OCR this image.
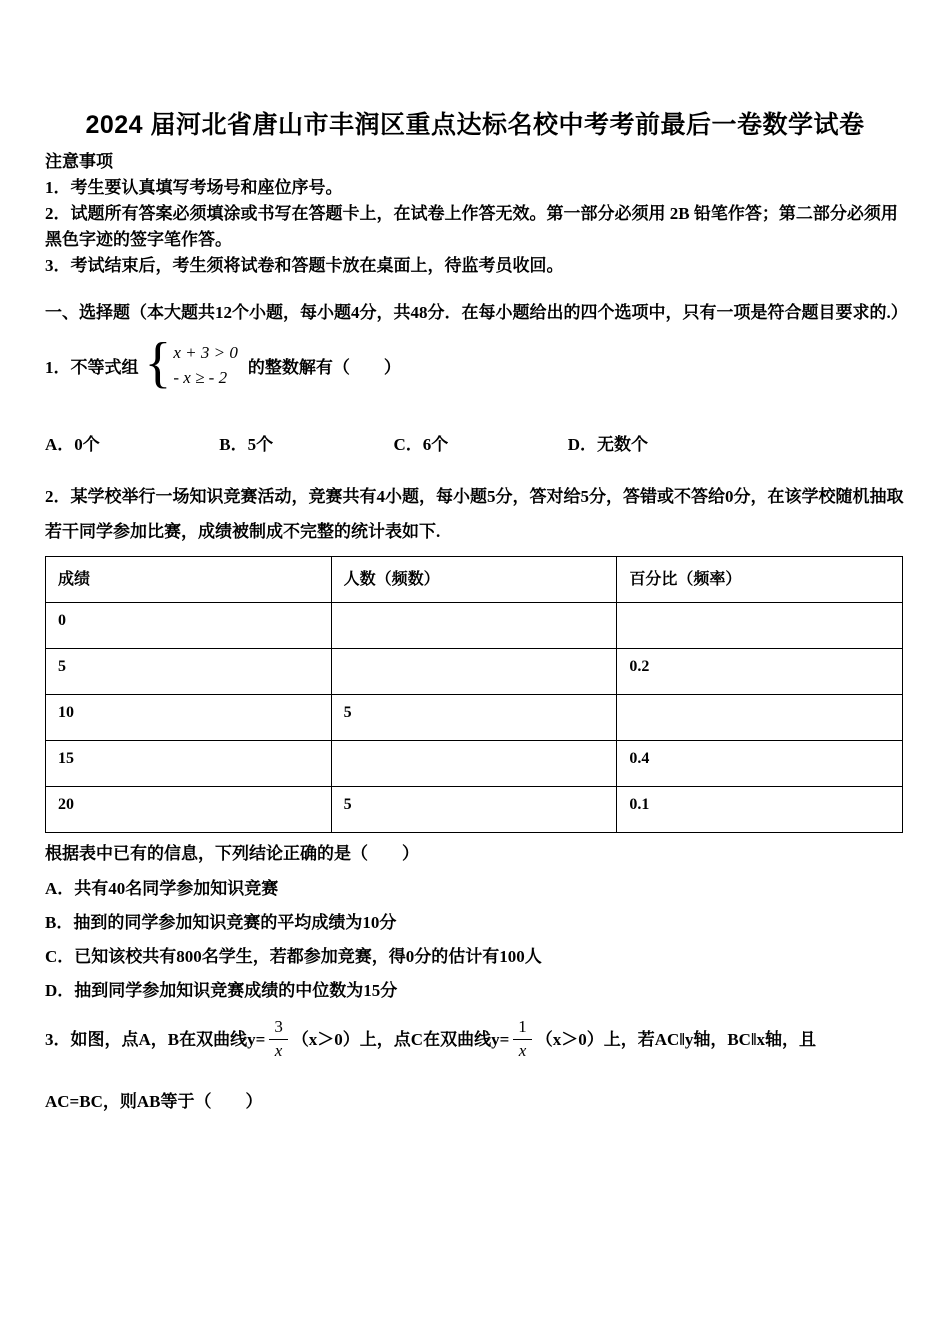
2024 届河北省唐山市丰润区重点达标名校中考考前最后一卷数学试卷
注意事项
1．考生要认真填写考场号和座位序号。
2．试题所有答案必须填涂或书写在答题卡上，在试卷上作答无效。第一部分必须用 2B 铅笔作答；第二部分必须用黑色字迹的签字笔作答。
3．考试结束后，考生须将试卷和答题卡放在桌面上，待监考员收回。
一、选择题（本大题共12个小题，每小题4分，共48分．在每小题给出的四个选项中，只有一项是符合题目要求的.）
1．不等式组 { x + 3 > 0
- x ≥ - 2
的整数解有（　　）
A．0个	B．5个	C．6个	D．无数个
2．某学校举行一场知识竞赛活动，竞赛共有4小题，每小题5分，答对给5分，答错或不答给0分，在该学校随机抽取若干同学参加比赛，成绩被制成不完整的统计表如下.
成绩	人数（频数）	百分比（频率）
0		
5		0.2
10	5	
15		0.4
20	5	0.1
根据表中已有的信息，下列结论正确的是（　　）
A．共有40名同学参加知识竞赛
B．抽到的同学参加知识竞赛的平均成绩为10分
C．已知该校共有800名学生，若都参加竞赛，得0分的估计有100人
D．抽到同学参加知识竞赛成绩的中位数为15分
3．如图，点A，B在双曲线$y= \frac{3}{x} (x>0)$上，点C在双曲线$y= \frac{1}{x} (x>0)$上，若AC‖y轴，BC‖x轴，且
AC=BC，则AB等于（　　）
